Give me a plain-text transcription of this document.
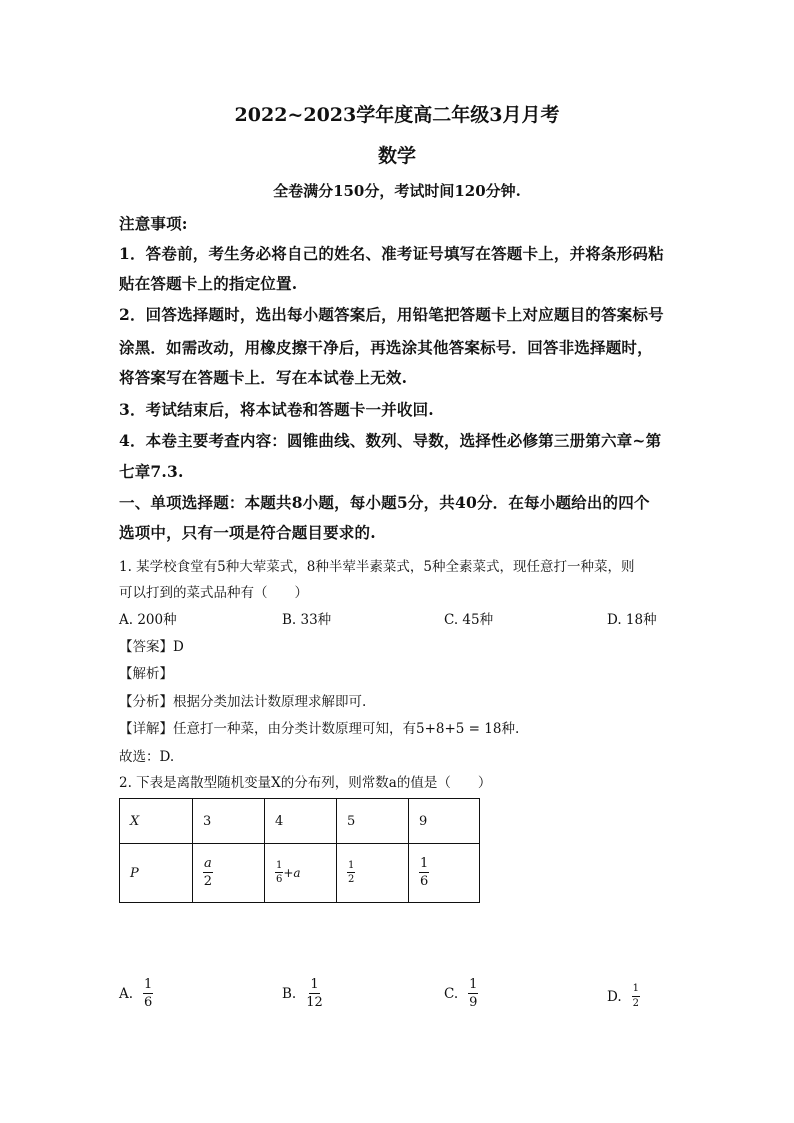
2022~2023学年度高二年级3月月考
数学
全卷满分150分，考试时间120分钟.
注意事项:
1．答卷前，考生务必将自己的姓名、准考证号填写在答题卡上，并将条形码粘
贴在答题卡上的指定位置.
2．回答选择题时，选出每小题答案后，用铅笔把答题卡上对应题目的答案标号
涂黑．如需改动，用橡皮擦干净后，再选涂其他答案标号．回答非选择题时，
将答案写在答题卡上．写在本试卷上无效.
3．考试结束后，将本试卷和答题卡一并收回.
4．本卷主要考查内容：圆锥曲线、数列、导数，选择性必修第三册第六章~第
七章7.3.
一、单项选择题：本题共8小题，每小题5分，共40分．在每小题给出的四个
选项中，只有一项是符合题目要求的.
1. 某学校食堂有5种大荤菜式，8种半荤半素菜式，5种全素菜式，现任意打一种菜，则
可以打到的菜式品种有（　　）
A. 200种	B. 33种	C. 45种	D. 18种
【答案】D
【解析】
【分析】根据分类加法计数原理求解即可.
【详解】任意打一种菜，由分类计数原理可知，有5+8+5 = 18种.
故选：D.
2. 下表是离散型随机变量X的分布列，则常数a的值是（　　）
X	3	4	5	9
P	$\frac{a}{2}$	$\frac{1}{6} +a$	$\frac{1}{2}$	$\frac{1}{6}$
A. $\frac{1}{6}$	B. $\frac{1}{12}$	C. $\frac{1}{9}$	D. $\frac{1}{2}$
